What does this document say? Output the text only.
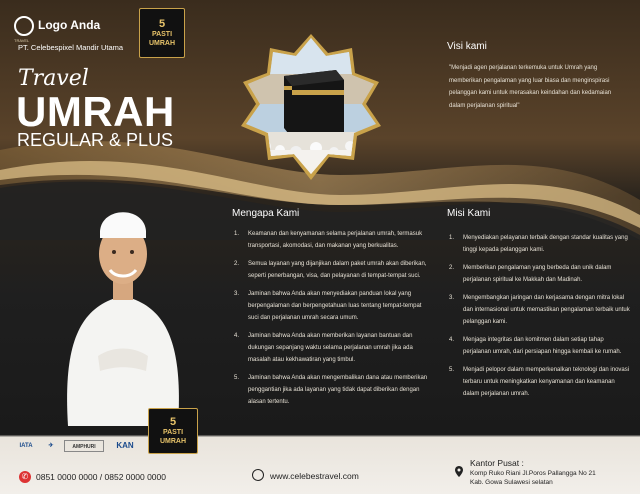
Logo Anda
TRAVEL
PT. Celebespixel Mandir Utama
5
PASTI
UMRAH
Travel
UMRAH
REGULAR & PLUS
Visi kami
"Menjadi agen perjalanan terkemuka untuk Umrah yang memberikan pengalaman yang luar biasa dan menginspirasi pelanggan kami untuk merasakan keindahan dan kedamaian dalam perjalanan spiritual"
Mengapa Kami
1. Keamanan dan kenyamanan selama perjalanan umrah, termasuk transportasi, akomodasi, dan makanan yang berkualitas.
2. Semua layanan yang dijanjikan dalam paket umrah akan diberikan, seperti penerbangan, visa, dan pelayanan di tempat-tempat suci.
3. Jaminan bahwa Anda akan menyediakan panduan lokal yang berpengalaman dan berpengetahuan luas tentang tempat-tempat suci dan perjalanan umrah secara umum.
4. Jaminan bahwa Anda akan memberikan layanan bantuan dan dukungan sepanjang waktu selama perjalanan umrah jika ada masalah atau kekhawatiran yang timbul.
5. Jaminan bahwa Anda akan mengembalikan dana atau memberikan penggantian jika ada layanan yang tidak dapat diberikan dengan alasan tertentu.
Misi Kami
1. Menyediakan pelayanan terbaik dengan standar kualitas yang tinggi kepada pelanggan kami.
2. Memberikan pengalaman yang berbeda dan unik dalam perjalanan spiritual ke Makkah dan Madinah.
3. Mengembangkan jaringan dan kerjasama dengan mitra lokal dan internasional untuk memastikan pengalaman terbaik untuk pelanggan kami.
4. Menjaga integritas dan komitmen dalam setiap tahap perjalanan umrah, dari persiapan hingga kembali ke rumah.
5. Menjadi pelopor dalam memperkenalkan teknologi dan inovasi terbaru untuk meningkatkan kenyamanan dan keamanan dalam perjalanan umrah.
5
PASTI
UMRAH
IATA	✈	AMPHURI	KAN
✆ 0851 0000 0000 / 0852 0000 0000	www.celebestravel.com
Kantor Pusat :
Komp Ruko Riani Jl.Poros Pallangga No 21
Kab. Gowa Sulawesi selatan
